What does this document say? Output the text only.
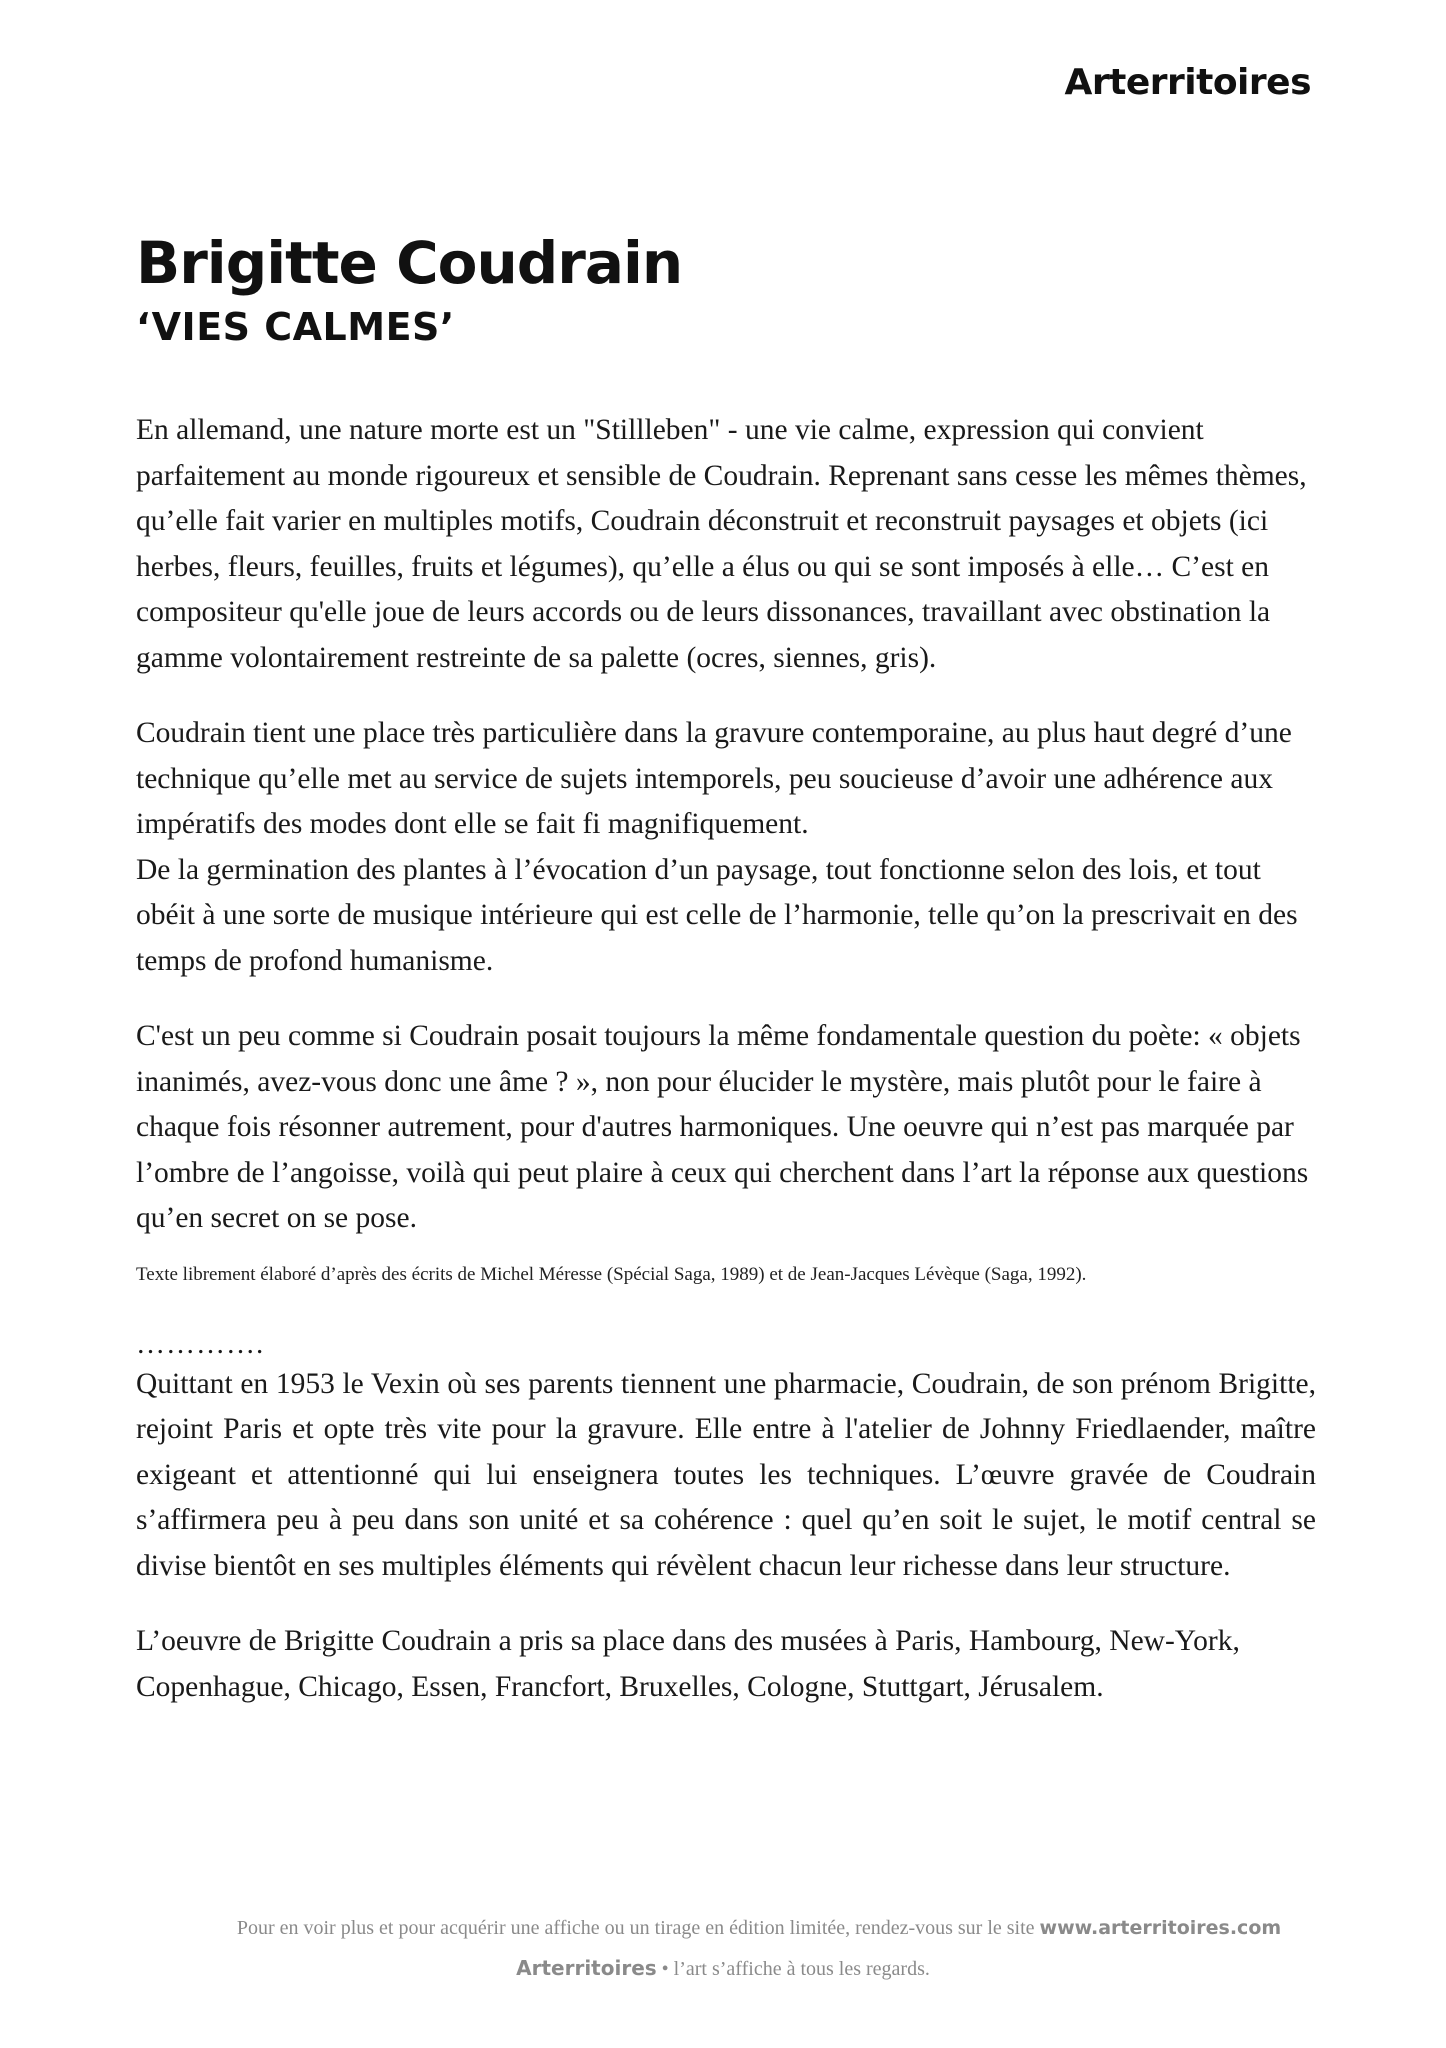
Arterritoires
Brigitte Coudrain
‘VIES CALMES’

En allemand, une nature morte est un "Stillleben" - une vie calme, expression qui convient parfaitement au monde rigoureux et sensible de Coudrain. Reprenant sans cesse les mêmes thèmes, qu’elle fait varier en multiples motifs, Coudrain déconstruit et reconstruit paysages et objets (ici herbes, fleurs, feuilles, fruits et légumes), qu’elle a élus ou qui se sont imposés à elle… C’est en compositeur qu'elle joue de leurs accords ou de leurs dissonances, travaillant avec obstination la gamme volontairement restreinte de sa palette (ocres, siennes, gris).

Coudrain tient une place très particulière dans la gravure contemporaine, au plus haut degré d’une technique qu’elle met au service de sujets intemporels, peu soucieuse d’avoir une adhérence aux impératifs des modes dont elle se fait fi magnifiquement.

De la germination des plantes à l’évocation d’un paysage, tout fonctionne selon des lois, et tout obéit à une sorte de musique intérieure qui est celle de l’harmonie, telle qu’on la prescrivait en des temps de profond humanisme.

C'est un peu comme si Coudrain posait toujours la même fondamentale question du poète: « objets inanimés, avez-vous donc une âme ? », non pour élucider le mystère, mais plutôt pour le faire à chaque fois résonner autrement, pour d'autres harmoniques. Une oeuvre qui n’est pas marquée par l’ombre de l’angoisse, voilà qui peut plaire à ceux qui cherchent dans l’art la réponse aux questions qu’en secret on se pose.

Texte librement élaboré d’après des écrits de Michel Méresse (Spécial Saga, 1989) et de Jean-Jacques Lévèque (Saga, 1992).

………….

Quittant en 1953 le Vexin où ses parents tiennent une pharmacie, Coudrain, de son prénom Brigitte, rejoint Paris et opte très vite pour la gravure. Elle entre à l'atelier de Johnny Friedlaender, maître exigeant et attentionné qui lui enseignera toutes les techniques. L’œuvre gravée de Coudrain s’affirmera peu à peu dans son unité et sa cohérence : quel qu’en soit le sujet, le motif central se divise bientôt en ses multiples éléments qui révèlent chacun leur richesse dans leur structure.

L’oeuvre de Brigitte Coudrain a pris sa place dans des musées à Paris, Hambourg, New-York, Copenhague, Chicago, Essen, Francfort, Bruxelles, Cologne, Stuttgart, Jérusalem.

Pour en voir plus et pour acquérir une affiche ou un tirage en édition limitée, rendez-vous sur le site www.arterritoires.com
Arterritoires • l’art s’affiche à tous les regards.
